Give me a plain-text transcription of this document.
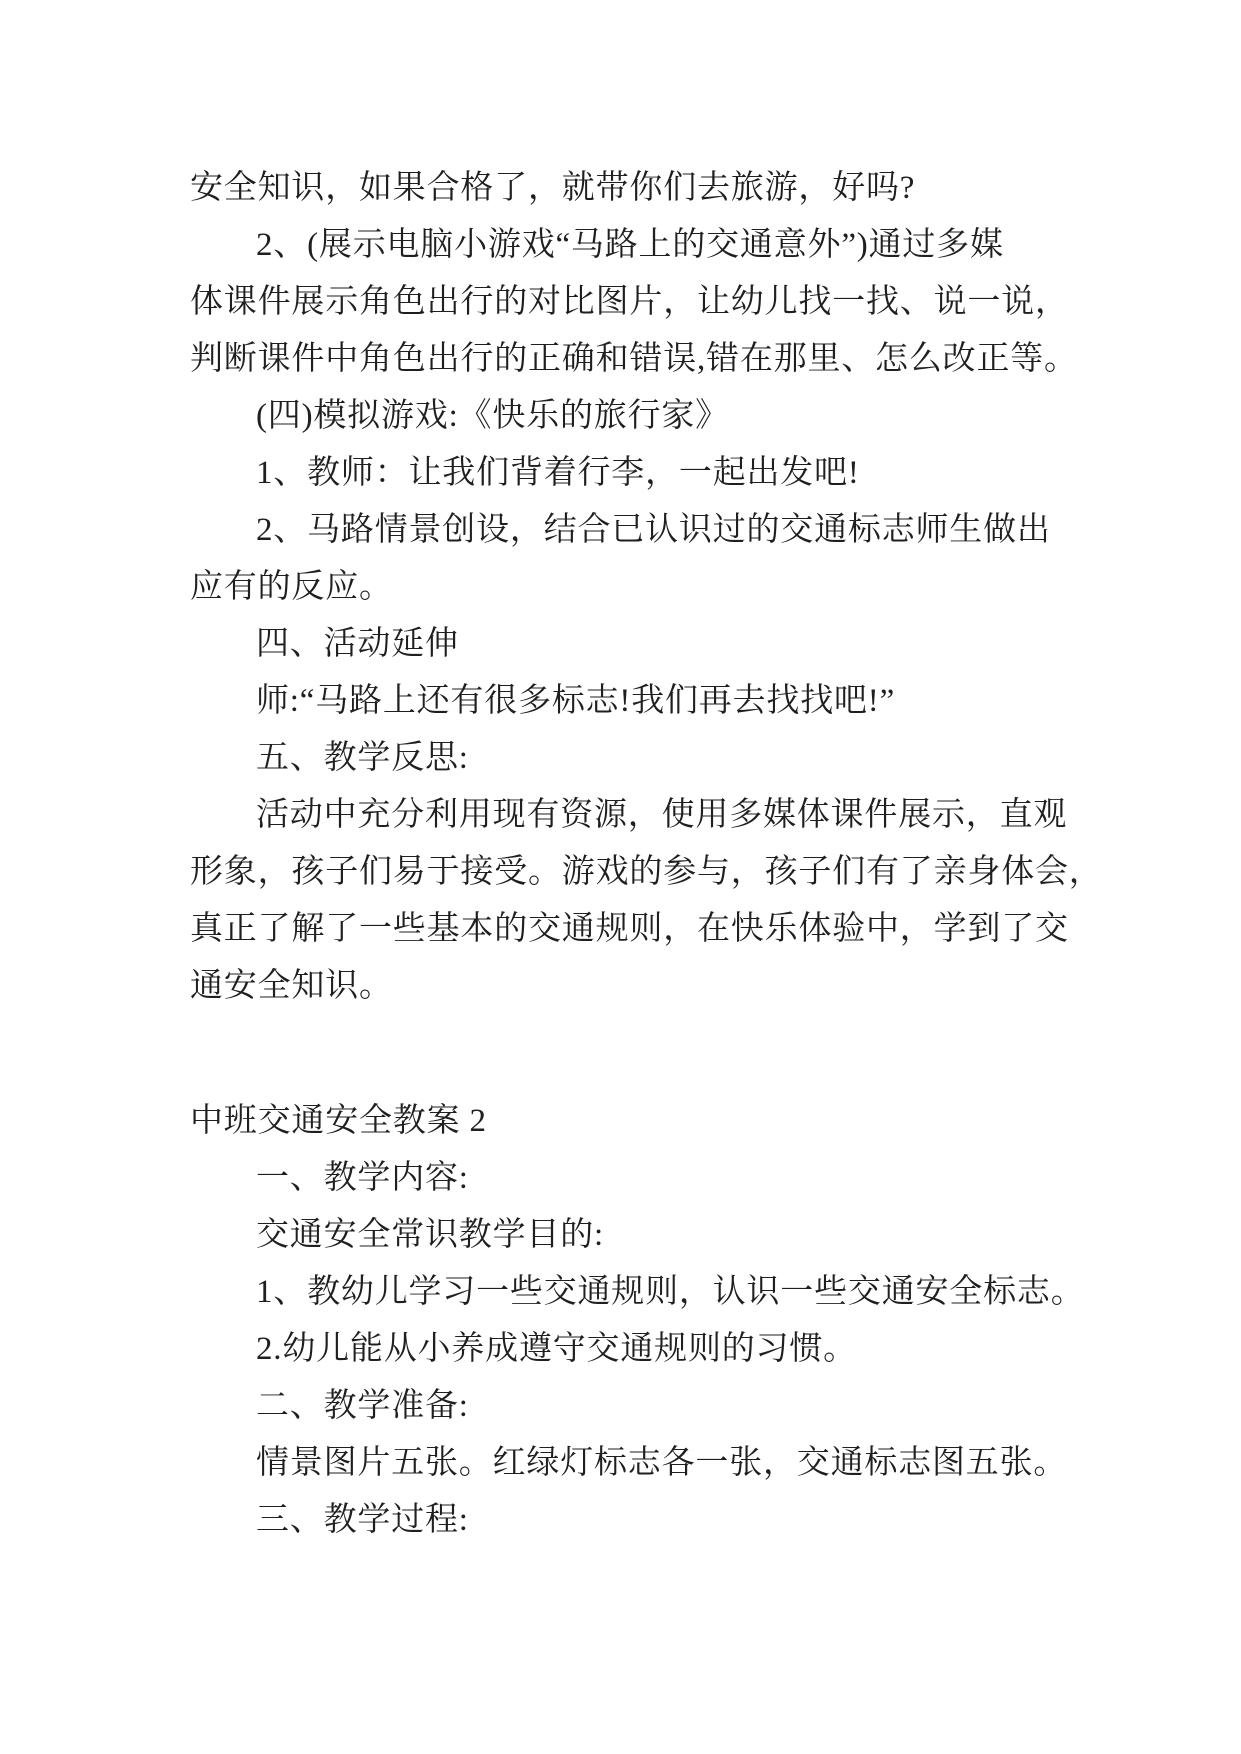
安全知识，如果合格了，就带你们去旅游，好吗?
2、(展示电脑小游戏“马路上的交通意外”)通过多媒
体课件展示角色出行的对比图片，让幼儿找一找、说一说，
判断课件中角色出行的正确和错误,错在那里、怎么改正等。
(四)模拟游戏:《快乐的旅行家》
1、教师：让我们背着行李，一起出发吧!
2、马路情景创设，结合已认识过的交通标志师生做出
应有的反应。
四、活动延伸
师:“马路上还有很多标志!我们再去找找吧!”
五、教学反思:
活动中充分利用现有资源，使用多媒体课件展示，直观
形象，孩子们易于接受。游戏的参与，孩子们有了亲身体会，
真正了解了一些基本的交通规则，在快乐体验中，学到了交
通安全知识。
中班交通安全教案 2
一、教学内容:
交通安全常识教学目的:
1、教幼儿学习一些交通规则，认识一些交通安全标志。
2.幼儿能从小养成遵守交通规则的习惯。
二、教学准备:
情景图片五张。红绿灯标志各一张，交通标志图五张。
三、教学过程:
